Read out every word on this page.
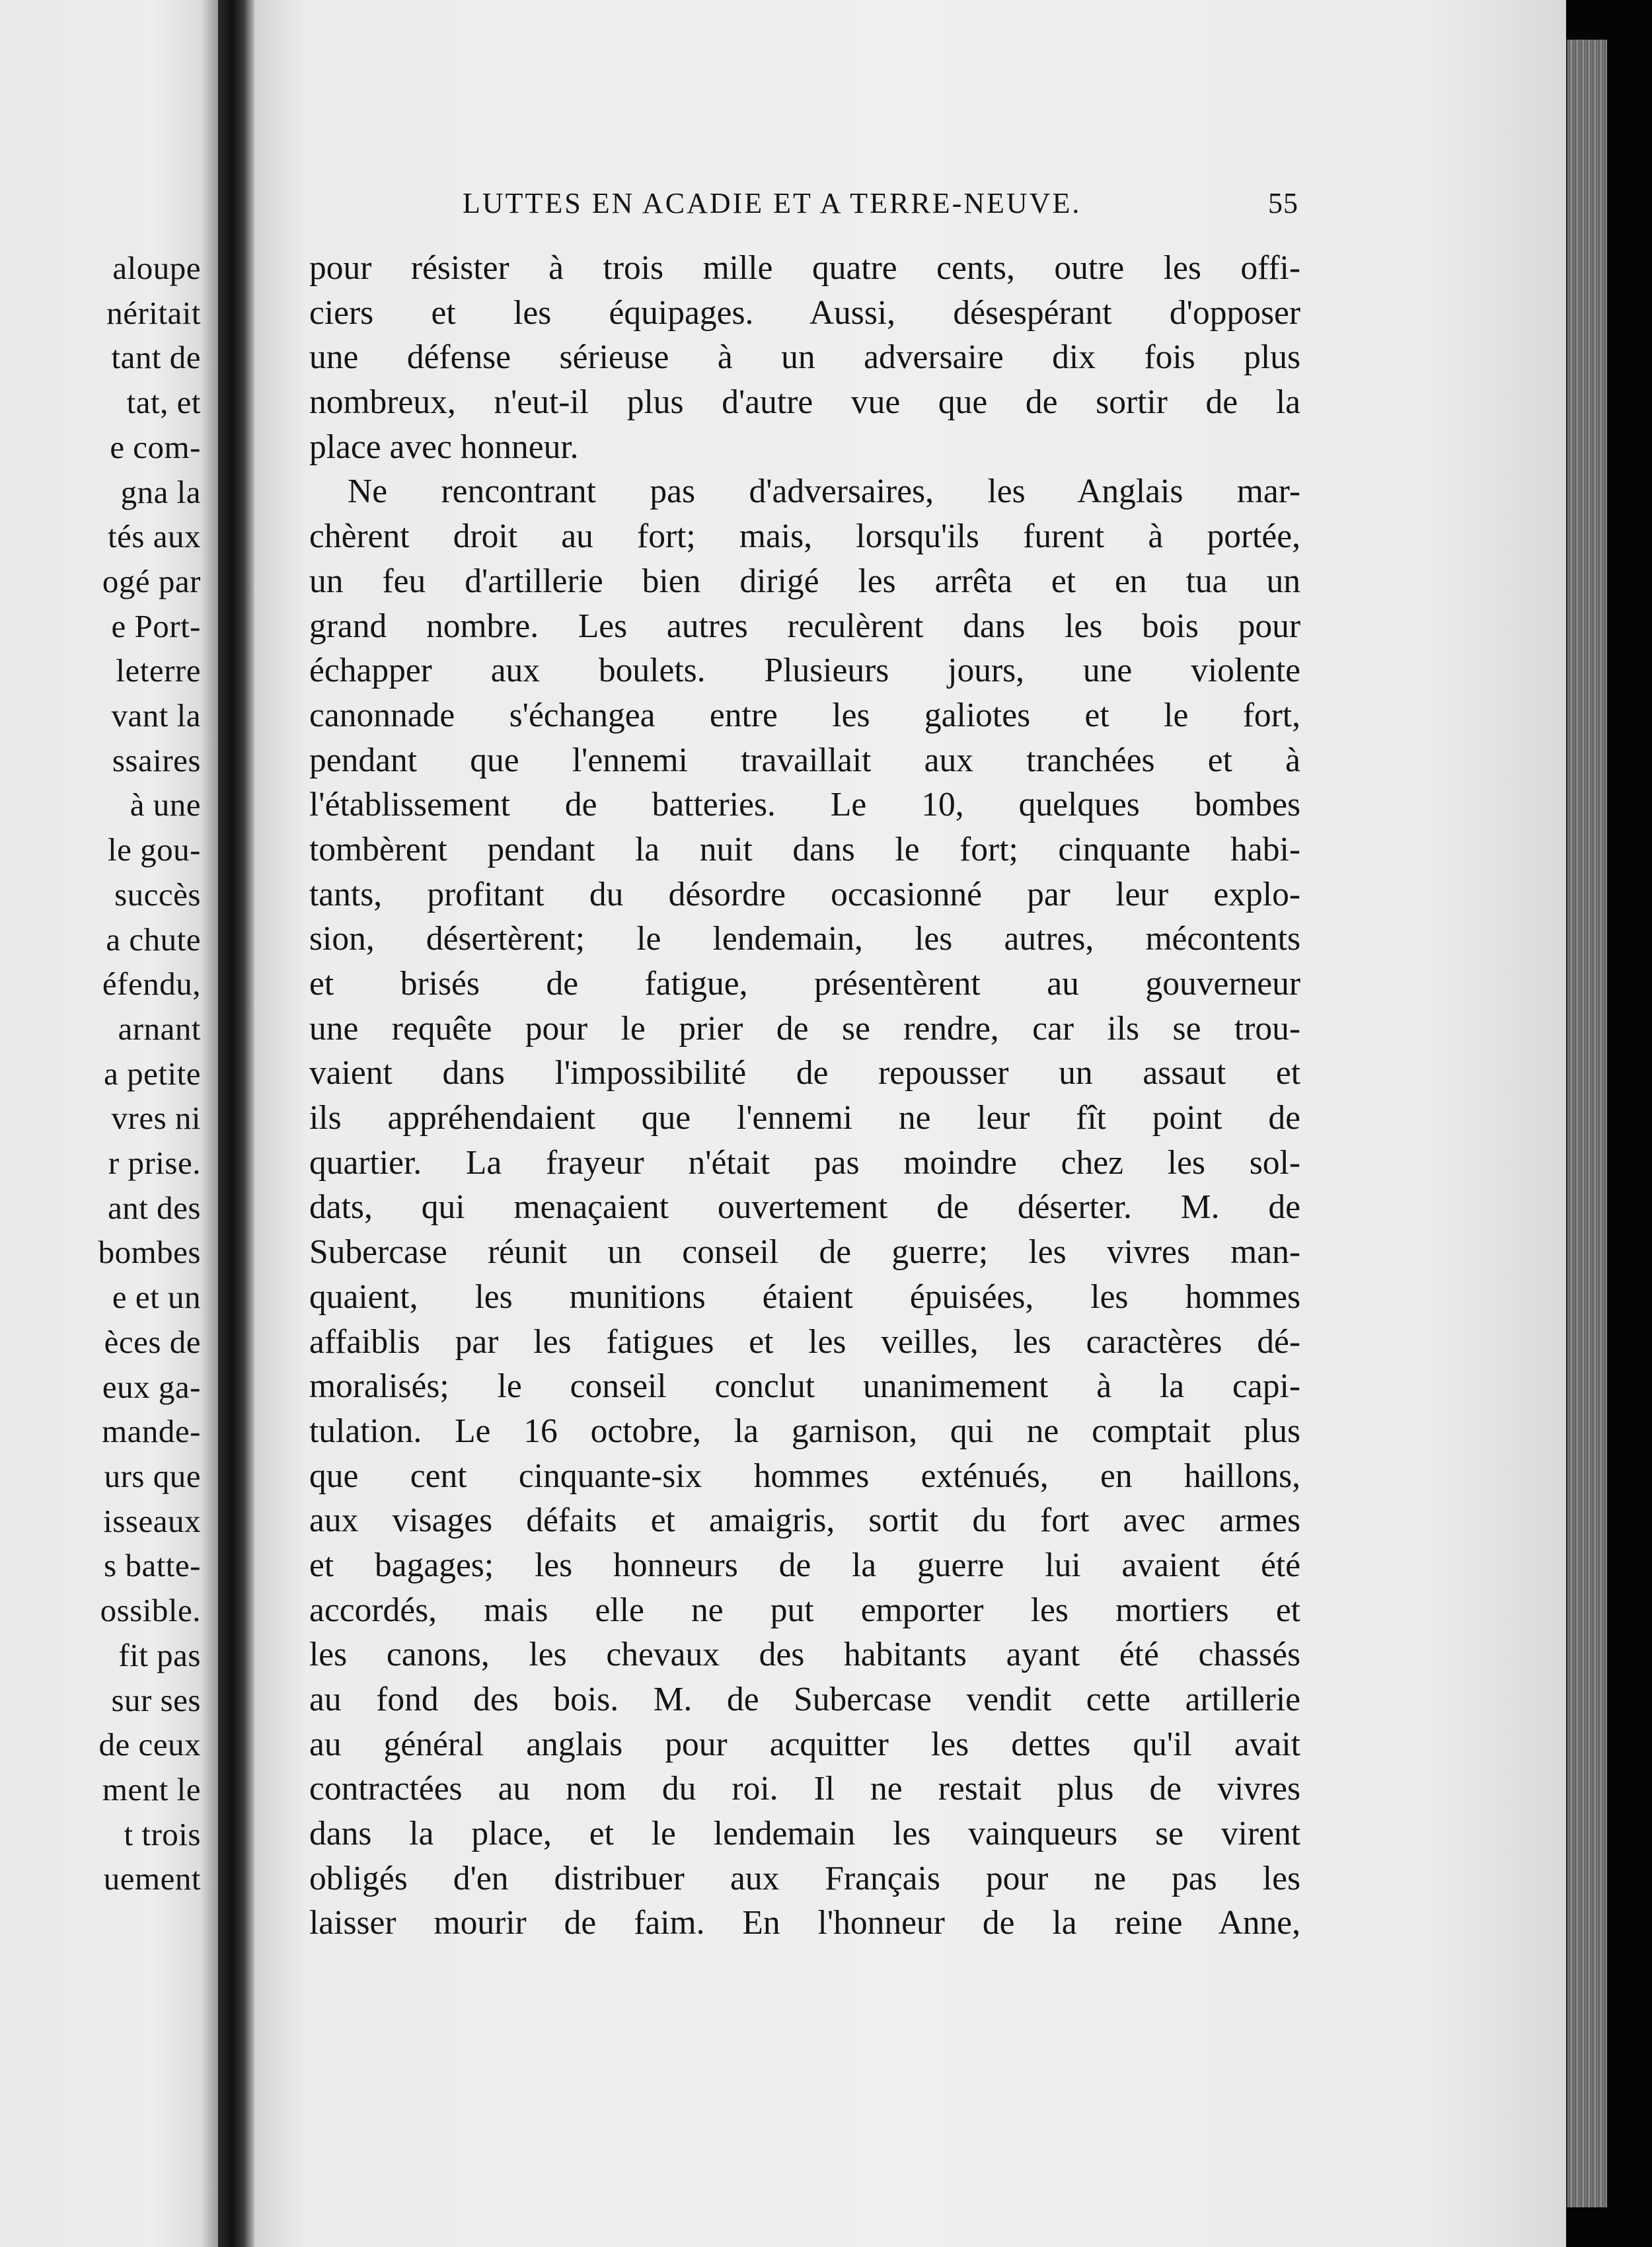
aloupe
néritait
tant de
tat, et
e com-
gna la
tés aux
ogé par
e Port-
leterre
vant la
ssaires
à une
le gou-
succès
a chute
éfendu,
arnant
a petite
vres ni
r prise.
ant des
bombes
e et un
èces de
eux ga-
mande-
urs que
isseaux
s batte-
ossible.
fit pas
sur ses
de ceux
ment le
t trois
uement
LUTTES EN ACADIE ET A TERRE-NEUVE.	55
pour résister à trois mille quatre cents, outre les offi-
ciers et les équipages. Aussi, désespérant d'opposer
une défense sérieuse à un adversaire dix fois plus
nombreux, n'eut-il plus d'autre vue que de sortir de la
place avec honneur.
Ne rencontrant pas d'adversaires, les Anglais mar-
chèrent droit au fort; mais, lorsqu'ils furent à portée,
un feu d'artillerie bien dirigé les arrêta et en tua un
grand nombre. Les autres reculèrent dans les bois pour
échapper aux boulets. Plusieurs jours, une violente
canonnade s'échangea entre les galiotes et le fort,
pendant que l'ennemi travaillait aux tranchées et à
l'établissement de batteries. Le 10, quelques bombes
tombèrent pendant la nuit dans le fort; cinquante habi-
tants, profitant du désordre occasionné par leur explo-
sion, désertèrent; le lendemain, les autres, mécontents
et brisés de fatigue, présentèrent au gouverneur
une requête pour le prier de se rendre, car ils se trou-
vaient dans l'impossibilité de repousser un assaut et
ils appréhendaient que l'ennemi ne leur fît point de
quartier. La frayeur n'était pas moindre chez les sol-
dats, qui menaçaient ouvertement de déserter. M. de
Subercase réunit un conseil de guerre; les vivres man-
quaient, les munitions étaient épuisées, les hommes
affaiblis par les fatigues et les veilles, les caractères dé-
moralisés; le conseil conclut unanimement à la capi-
tulation. Le 16 octobre, la garnison, qui ne comptait plus
que cent cinquante-six hommes exténués, en haillons,
aux visages défaits et amaigris, sortit du fort avec armes
et bagages; les honneurs de la guerre lui avaient été
accordés, mais elle ne put emporter les mortiers et
les canons, les chevaux des habitants ayant été chassés
au fond des bois. M. de Subercase vendit cette artillerie
au général anglais pour acquitter les dettes qu'il avait
contractées au nom du roi. Il ne restait plus de vivres
dans la place, et le lendemain les vainqueurs se virent
obligés d'en distribuer aux Français pour ne pas les
laisser mourir de faim. En l'honneur de la reine Anne,
